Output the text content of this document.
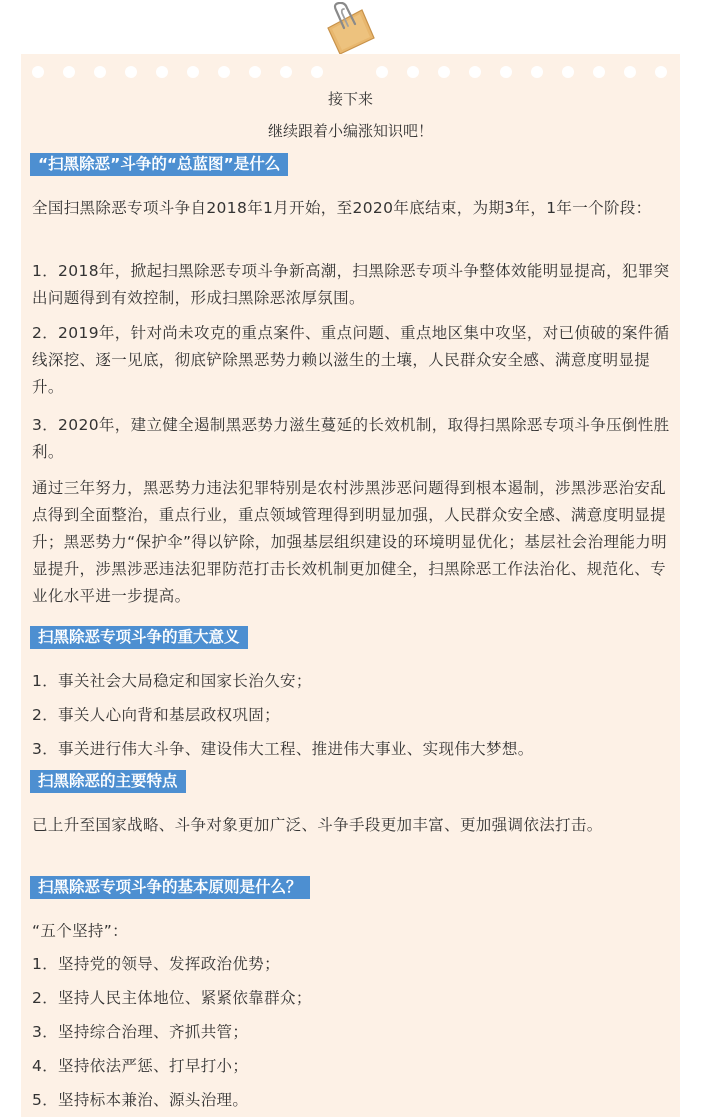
接下来
继续跟着小编涨知识吧！
“扫黑除恶”斗争的“总蓝图”是什么

全国扫黑除恶专项斗争自2018年1月开始，至2020年底结束，为期3年，1年一个阶段：

1．2018年，掀起扫黑除恶专项斗争新高潮，扫黑除恶专项斗争整体效能明显提高，犯罪突出问题得到有效控制，形成扫黑除恶浓厚氛围。

2．2019年，针对尚未攻克的重点案件、重点问题、重点地区集中攻坚，对已侦破的案件循线深挖、逐一见底，彻底铲除黑恶势力赖以滋生的土壤，人民群众安全感、满意度明显提升。

3．2020年，建立健全遏制黑恶势力滋生蔓延的长效机制，取得扫黑除恶专项斗争压倒性胜利。

通过三年努力，黑恶势力违法犯罪特别是农村涉黑涉恶问题得到根本遏制，涉黑涉恶治安乱点得到全面整治，重点行业，重点领域管理得到明显加强，人民群众安全感、满意度明显提升；黑恶势力“保护伞”得以铲除，加强基层组织建设的环境明显优化；基层社会治理能力明显提升，涉黑涉恶违法犯罪防范打击长效机制更加健全，扫黑除恶工作法治化、规范化、专业化水平进一步提高。

扫黑除恶专项斗争的重大意义

1．事关社会大局稳定和国家长治久安；

2．事关人心向背和基层政权巩固；

3．事关进行伟大斗争、建设伟大工程、推进伟大事业、实现伟大梦想。

扫黑除恶的主要特点

已上升至国家战略、斗争对象更加广泛、斗争手段更加丰富、更加强调依法打击。

扫黑除恶专项斗争的基本原则是什么？

“五个坚持”：

1．坚持党的领导、发挥政治优势；

2．坚持人民主体地位、紧紧依靠群众；

3．坚持综合治理、齐抓共管；

4．坚持依法严惩、打早打小；

5．坚持标本兼治、源头治理。
